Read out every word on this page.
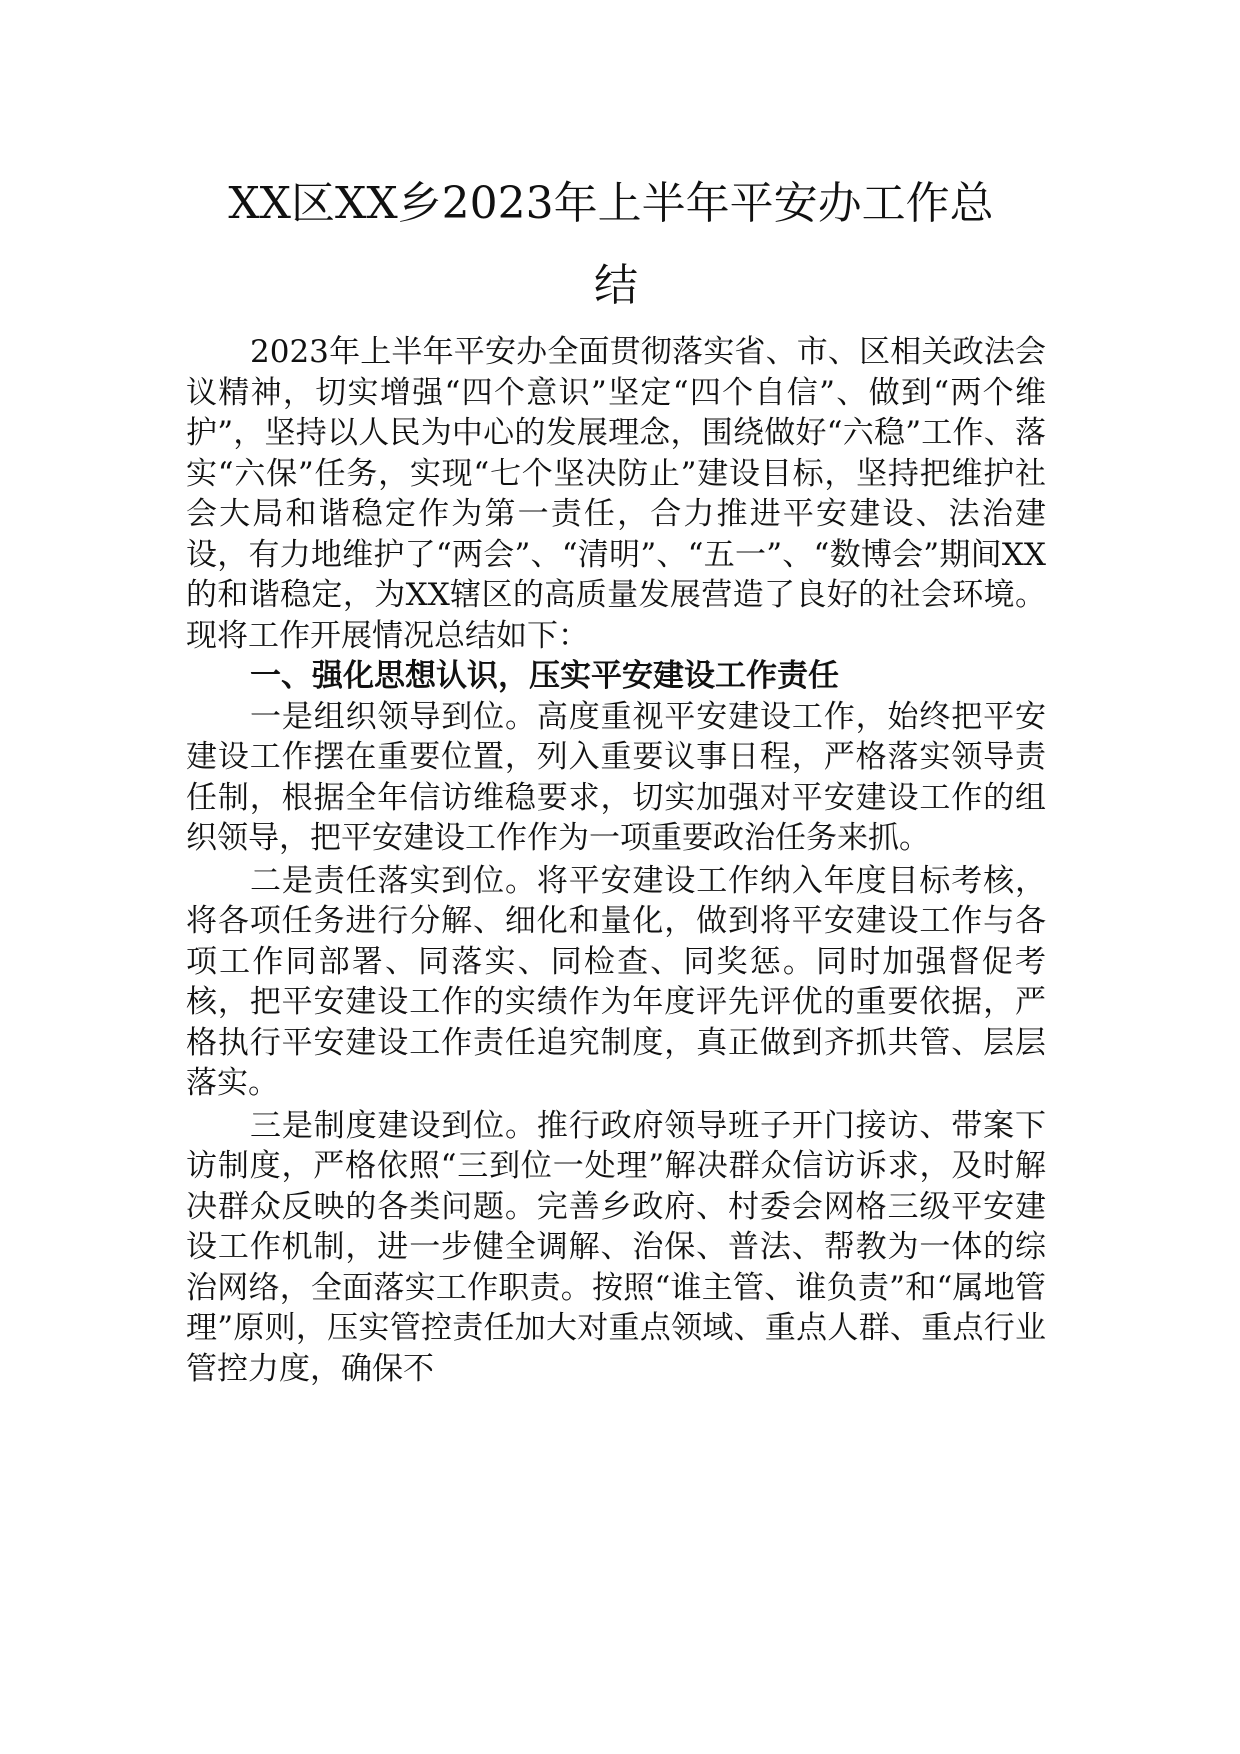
XX区XX乡2023年上半年平安办工作总
结

2023年上半年平安办全面贯彻落实省、市、区相关政法会议精神，切实增强“四个意识”坚定“四个自信”、做到“两个维护”，坚持以人民为中心的发展理念，围绕做好“六稳”工作、落实“六保”任务，实现“七个坚决防止”建设目标，坚持把维护社会大局和谐稳定作为第一责任，合力推进平安建设、法治建设，有力地维护了“两会”、“清明”、“五一”、“数博会”期间XX的和谐稳定，为XX辖区的高质量发展营造了良好的社会环境。现将工作开展情况总结如下：

一、强化思想认识，压实平安建设工作责任

一是组织领导到位。高度重视平安建设工作，始终把平安建设工作摆在重要位置，列入重要议事日程，严格落实领导责任制，根据全年信访维稳要求，切实加强对平安建设工作的组织领导，把平安建设工作作为一项重要政治任务来抓。

二是责任落实到位。将平安建设工作纳入年度目标考核，将各项任务进行分解、细化和量化，做到将平安建设工作与各项工作同部署、同落实、同检查、同奖惩。同时加强督促考核，把平安建设工作的实绩作为年度评先评优的重要依据，严格执行平安建设工作责任追究制度，真正做到齐抓共管、层层落实。

三是制度建设到位。推行政府领导班子开门接访、带案下访制度，严格依照“三到位一处理”解决群众信访诉求，及时解决群众反映的各类问题。完善乡政府、村委会网格三级平安建设工作机制，进一步健全调解、治保、普法、帮教为一体的综治网络，全面落实工作职责。按照“谁主管、谁负责”和“属地管理”原则，压实管控责任加大对重点领域、重点人群、重点行业管控力度，确保不
